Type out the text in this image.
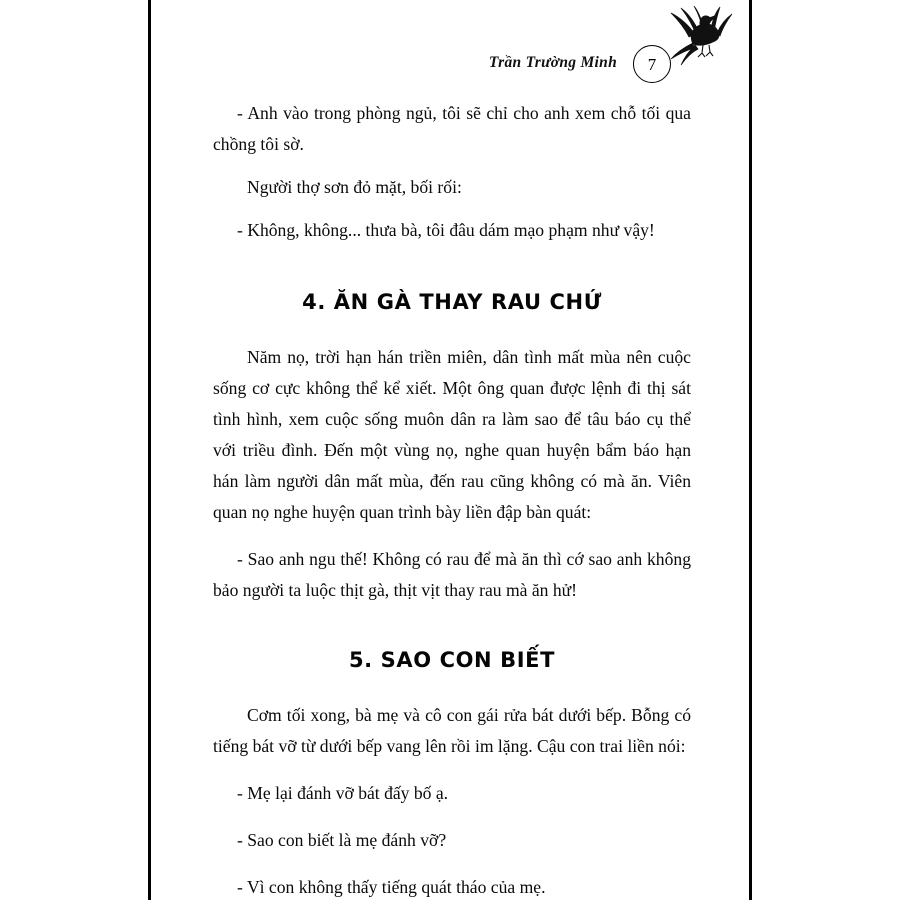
Trần Trường Minh	7

- Anh vào trong phòng ngủ, tôi sẽ chỉ cho anh xem chỗ tối qua chồng tôi sờ.

Người thợ sơn đỏ mặt, bối rối:

- Không, không... thưa bà, tôi đâu dám mạo phạm như vậy!

4. ĂN GÀ THAY RAU CHỨ

Năm nọ, trời hạn hán triền miên, dân tình mất mùa nên cuộc sống cơ cực không thể kể xiết. Một ông quan được lệnh đi thị sát tình hình, xem cuộc sống muôn dân ra làm sao để tâu báo cụ thể với triều đình. Đến một vùng nọ, nghe quan huyện bẩm báo hạn hán làm người dân mất mùa, đến rau cũng không có mà ăn. Viên quan nọ nghe huyện quan trình bày liền đập bàn quát:

- Sao anh ngu thế! Không có rau để mà ăn thì cớ sao anh không bảo người ta luộc thịt gà, thịt vịt thay rau mà ăn hử!

5. SAO CON BIẾT

Cơm tối xong, bà mẹ và cô con gái rửa bát dưới bếp. Bỗng có tiếng bát vỡ từ dưới bếp vang lên rồi im lặng. Cậu con trai liền nói:

- Mẹ lại đánh vỡ bát đấy bố ạ.

- Sao con biết là mẹ đánh vỡ?

- Vì con không thấy tiếng quát tháo của mẹ.
